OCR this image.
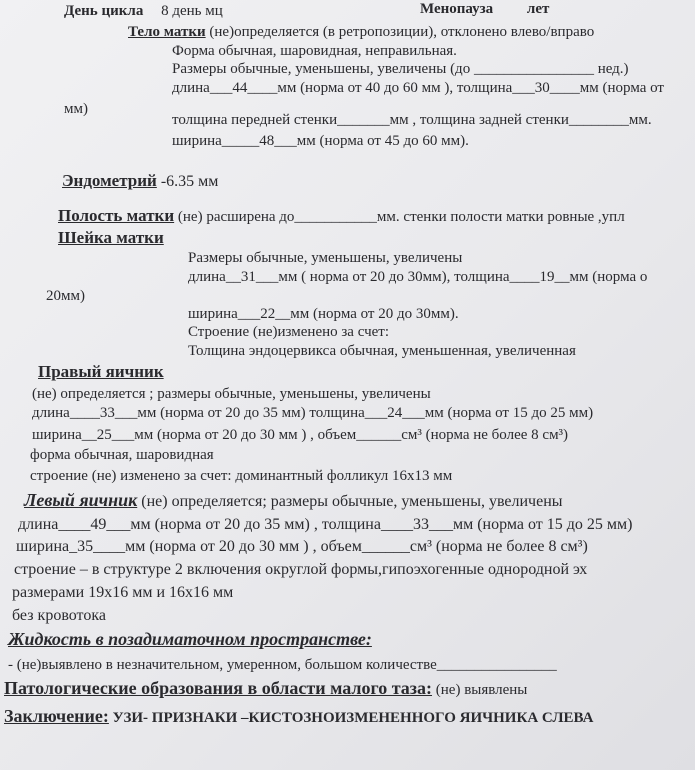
День цикла 8 день мц	Менопауза лет
Тело матки (не)определяется (в ретропозиции), отклонено влево/вправо
Форма обычная, шаровидная, неправильная.
Размеры обычные, уменьшены, увеличены (до ________________ нед.)
длина___44____мм (норма от 40 до 60 мм ), толщина___30____мм (норма от
мм)
толщина передней стенки_______мм , толщина задней стенки________мм.
ширина_____48___мм (норма от 45 до 60 мм).
Эндометрий -6.35 мм
Полость матки (не) расширена до___________мм. стенки полости матки ровные ,упл
Шейка матки
Размеры обычные, уменьшены, увеличены
длина__31___мм ( норма от 20 до 30мм), толщина____19__мм (норма о
20мм)
ширина___22__мм (норма от 20 до 30мм).
Строение (не)изменено за счет:
Толщина эндоцервикса обычная, уменьшенная, увеличенная
Правый яичник
(не) определяется ; размеры обычные, уменьшены, увеличены
длина____33___мм (норма от 20 до 35 мм) толщина___24___мм (норма от 15 до 25 мм)
ширина__25___мм (норма от 20 до 30 мм ) , объем______см³ (норма не более 8 см³)
форма обычная, шаровидная
строение (не) изменено за счет: доминантный фолликул 16х13 мм
Левый яичник (не) определяется; размеры обычные, уменьшены, увеличены
длина____49___мм (норма от 20 до 35 мм) , толщина____33___мм (норма от 15 до 25 мм)
ширина_35____мм (норма от 20 до 30 мм ) , объем______см³ (норма не более 8 см³)
строение – в структуре 2 включения округлой формы,гипоэхогенные однородной эх
размерами 19х16 мм и 16х16 мм
без кровотока
Жидкость в позадиматочном пространстве:
- (не)выявлено в незначительном, умеренном, большом количестве________________
Патологические образования в области малого таза: (не) выявлены
Заключение: УЗИ- ПРИЗНАКИ –КИСТОЗНОИЗМЕНЕННОГО ЯИЧНИКА СЛЕВА
